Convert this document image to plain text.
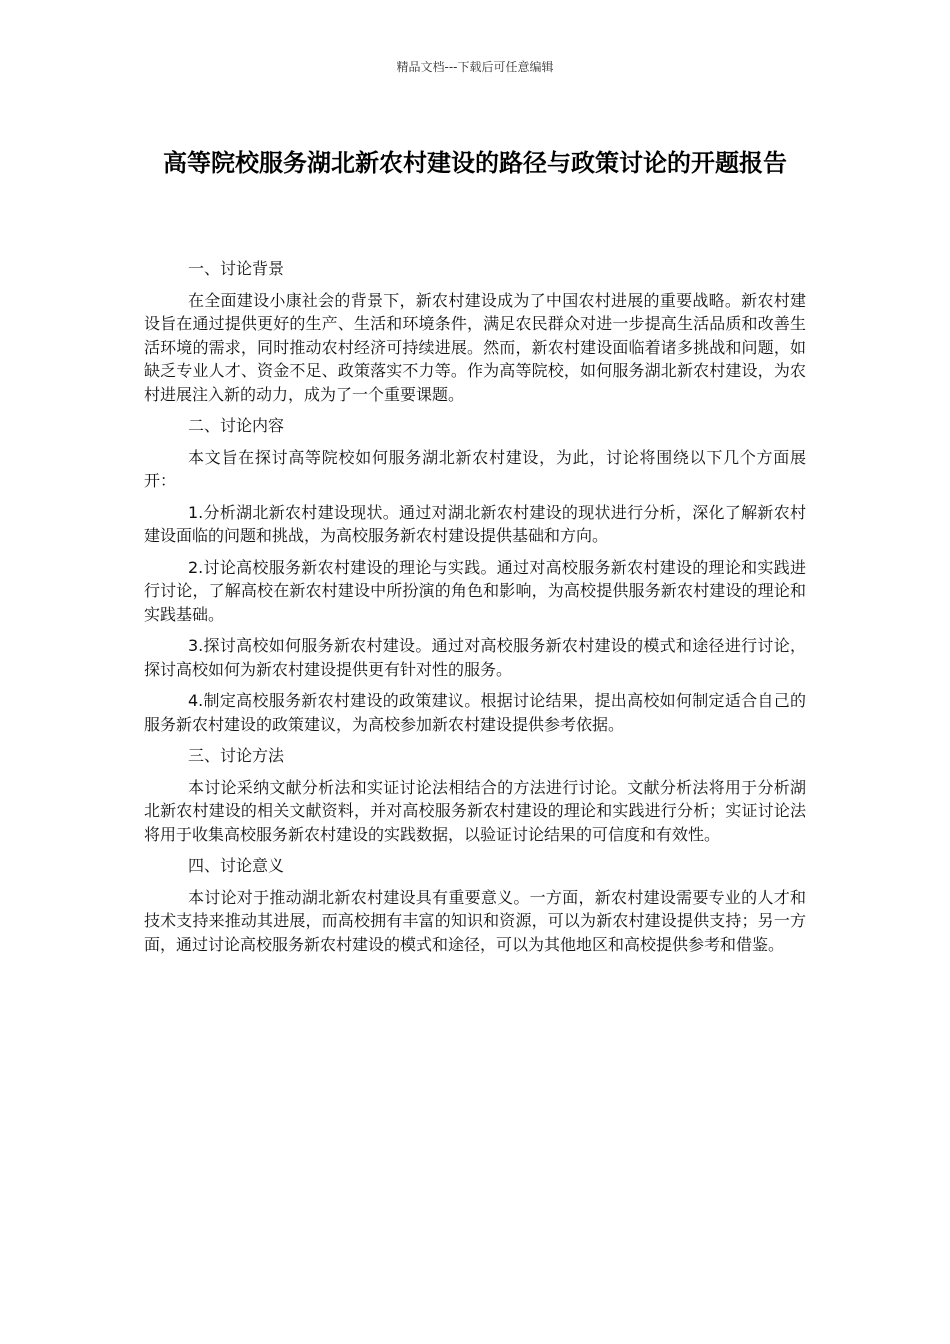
精品文档---下载后可任意编辑
高等院校服务湖北新农村建设的路径与政策讨论的开题报告

一、讨论背景

在全面建设小康社会的背景下，新农村建设成为了中国农村进展的重要战略。新农村建设旨在通过提供更好的生产、生活和环境条件，满足农民群众对进一步提高生活品质和改善生活环境的需求，同时推动农村经济可持续进展。然而，新农村建设面临着诸多挑战和问题，如缺乏专业人才、资金不足、政策落实不力等。作为高等院校，如何服务湖北新农村建设，为农村进展注入新的动力，成为了一个重要课题。

二、讨论内容

本文旨在探讨高等院校如何服务湖北新农村建设，为此，讨论将围绕以下几个方面展开：

1.分析湖北新农村建设现状。通过对湖北新农村建设的现状进行分析，深化了解新农村建设面临的问题和挑战，为高校服务新农村建设提供基础和方向。

2.讨论高校服务新农村建设的理论与实践。通过对高校服务新农村建设的理论和实践进行讨论，了解高校在新农村建设中所扮演的角色和影响，为高校提供服务新农村建设的理论和实践基础。

3.探讨高校如何服务新农村建设。通过对高校服务新农村建设的模式和途径进行讨论，探讨高校如何为新农村建设提供更有针对性的服务。

4.制定高校服务新农村建设的政策建议。根据讨论结果，提出高校如何制定适合自己的服务新农村建设的政策建议，为高校参加新农村建设提供参考依据。

三、讨论方法

本讨论采纳文献分析法和实证讨论法相结合的方法进行讨论。文献分析法将用于分析湖北新农村建设的相关文献资料，并对高校服务新农村建设的理论和实践进行分析；实证讨论法将用于收集高校服务新农村建设的实践数据，以验证讨论结果的可信度和有效性。

四、讨论意义

本讨论对于推动湖北新农村建设具有重要意义。一方面，新农村建设需要专业的人才和技术支持来推动其进展，而高校拥有丰富的知识和资源，可以为新农村建设提供支持；另一方面，通过讨论高校服务新农村建设的模式和途径，可以为其他地区和高校提供参考和借鉴。
